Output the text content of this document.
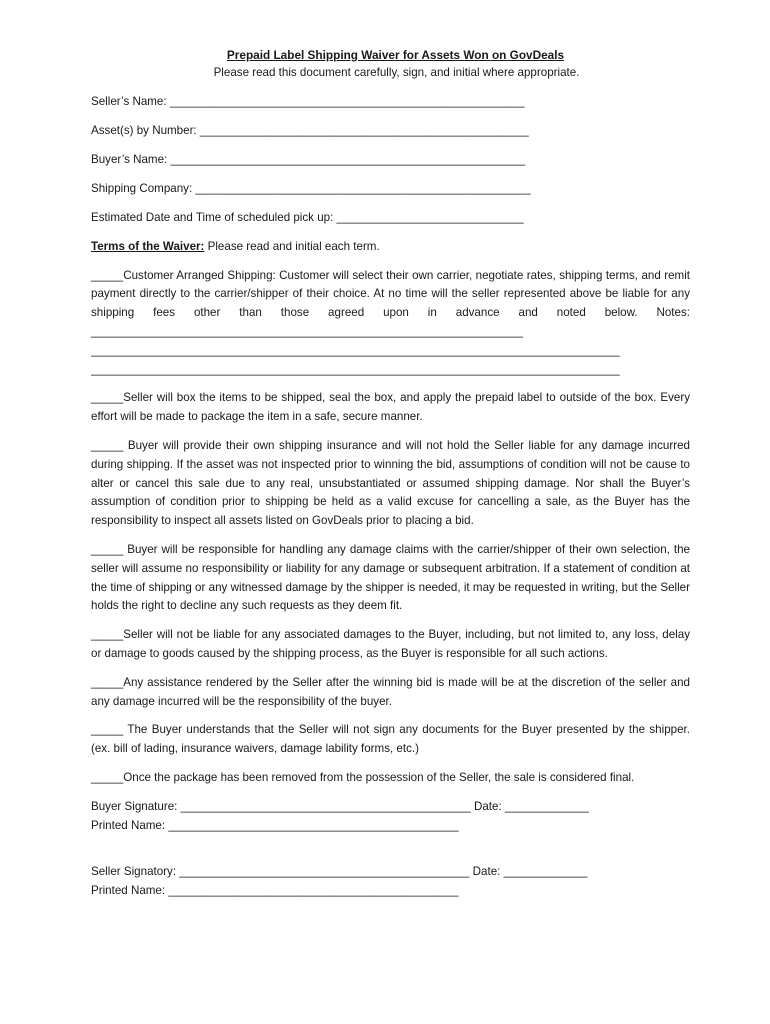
Prepaid Label Shipping Waiver for Assets Won on GovDeals

Please read this document carefully, sign, and initial where appropriate.

Seller’s Name: _______________________________________________________

Asset(s) by Number: ___________________________________________________

Buyer’s Name: _______________________________________________________

Shipping Company: ____________________________________________________

Estimated Date and Time of scheduled pick up: _____________________________

Terms of the Waiver: Please read and initial each term.

_____Customer Arranged Shipping: Customer will select their own carrier, negotiate rates, shipping terms, and remit payment directly to the carrier/shipper of their choice. At no time will the seller represented above be liable for any shipping fees other than those agreed upon in advance and noted below. Notes: ___________________________________________________________________

__________________________________________________________________________________
__________________________________________________________________________________

_____Seller will box the items to be shipped, seal the box, and apply the prepaid label to outside of the box. Every effort will be made to package the item in a safe, secure manner.

_____ Buyer will provide their own shipping insurance and will not hold the Seller liable for any damage incurred during shipping. If the asset was not inspected prior to winning the bid, assumptions of condition will not be cause to alter or cancel this sale due to any real, unsubstantiated or assumed shipping damage. Nor shall the Buyer’s assumption of condition prior to shipping be held as a valid excuse for cancelling a sale, as the Buyer has the responsibility to inspect all assets listed on GovDeals prior to placing a bid.

_____ Buyer will be responsible for handling any damage claims with the carrier/shipper of their own selection, the seller will assume no responsibility or liability for any damage or subsequent arbitration. If a statement of condition at the time of shipping or any witnessed damage by the shipper is needed, it may be requested in writing, but the Seller holds the right to decline any such requests as they deem fit.

_____Seller will not be liable for any associated damages to the Buyer, including, but not limited to, any loss, delay or damage to goods caused by the shipping process, as the Buyer is responsible for all such actions.

_____Any assistance rendered by the Seller after the winning bid is made will be at the discretion of the seller and any damage incurred will be the responsibility of the buyer.

_____ The Buyer understands that the Seller will not sign any documents for the Buyer presented by the shipper. (ex. bill of lading, insurance waivers, damage lability forms, etc.)

_____Once the package has been removed from the possession of the Seller, the sale is considered final.

Buyer Signature: _____________________________________________ Date: _____________

Printed Name: _____________________________________________

Seller Signatory: _____________________________________________ Date: _____________

Printed Name: _____________________________________________
